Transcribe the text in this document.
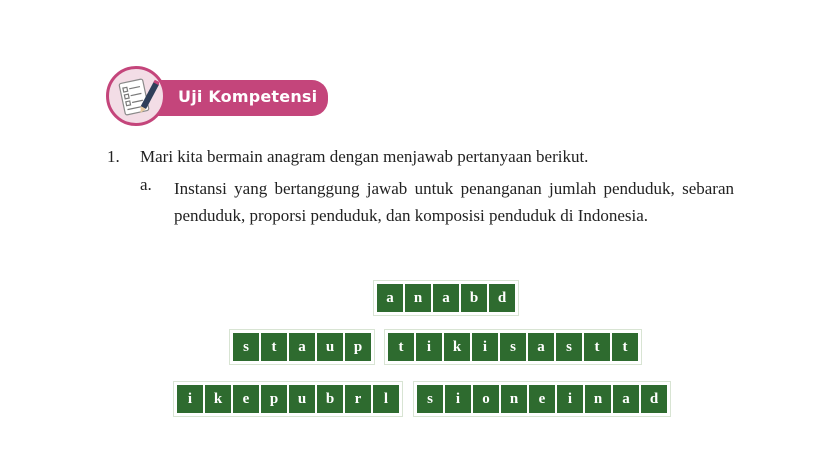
Uji Kompetensi
1. Mari kita bermain anagram dengan menjawab pertanyaan berikut.
a. Instansi yang bertanggung jawab untuk penanganan jumlah penduduk, sebaran penduduk, proporsi penduduk, dan komposisi penduduk di Indonesia.
a	n	a	b	d
s	t	a	u	p	t	i	k	i	s	a	s	t	t
i	k	e	p	u	b	r	l	s	i	o	n	e	i	n	a	d
